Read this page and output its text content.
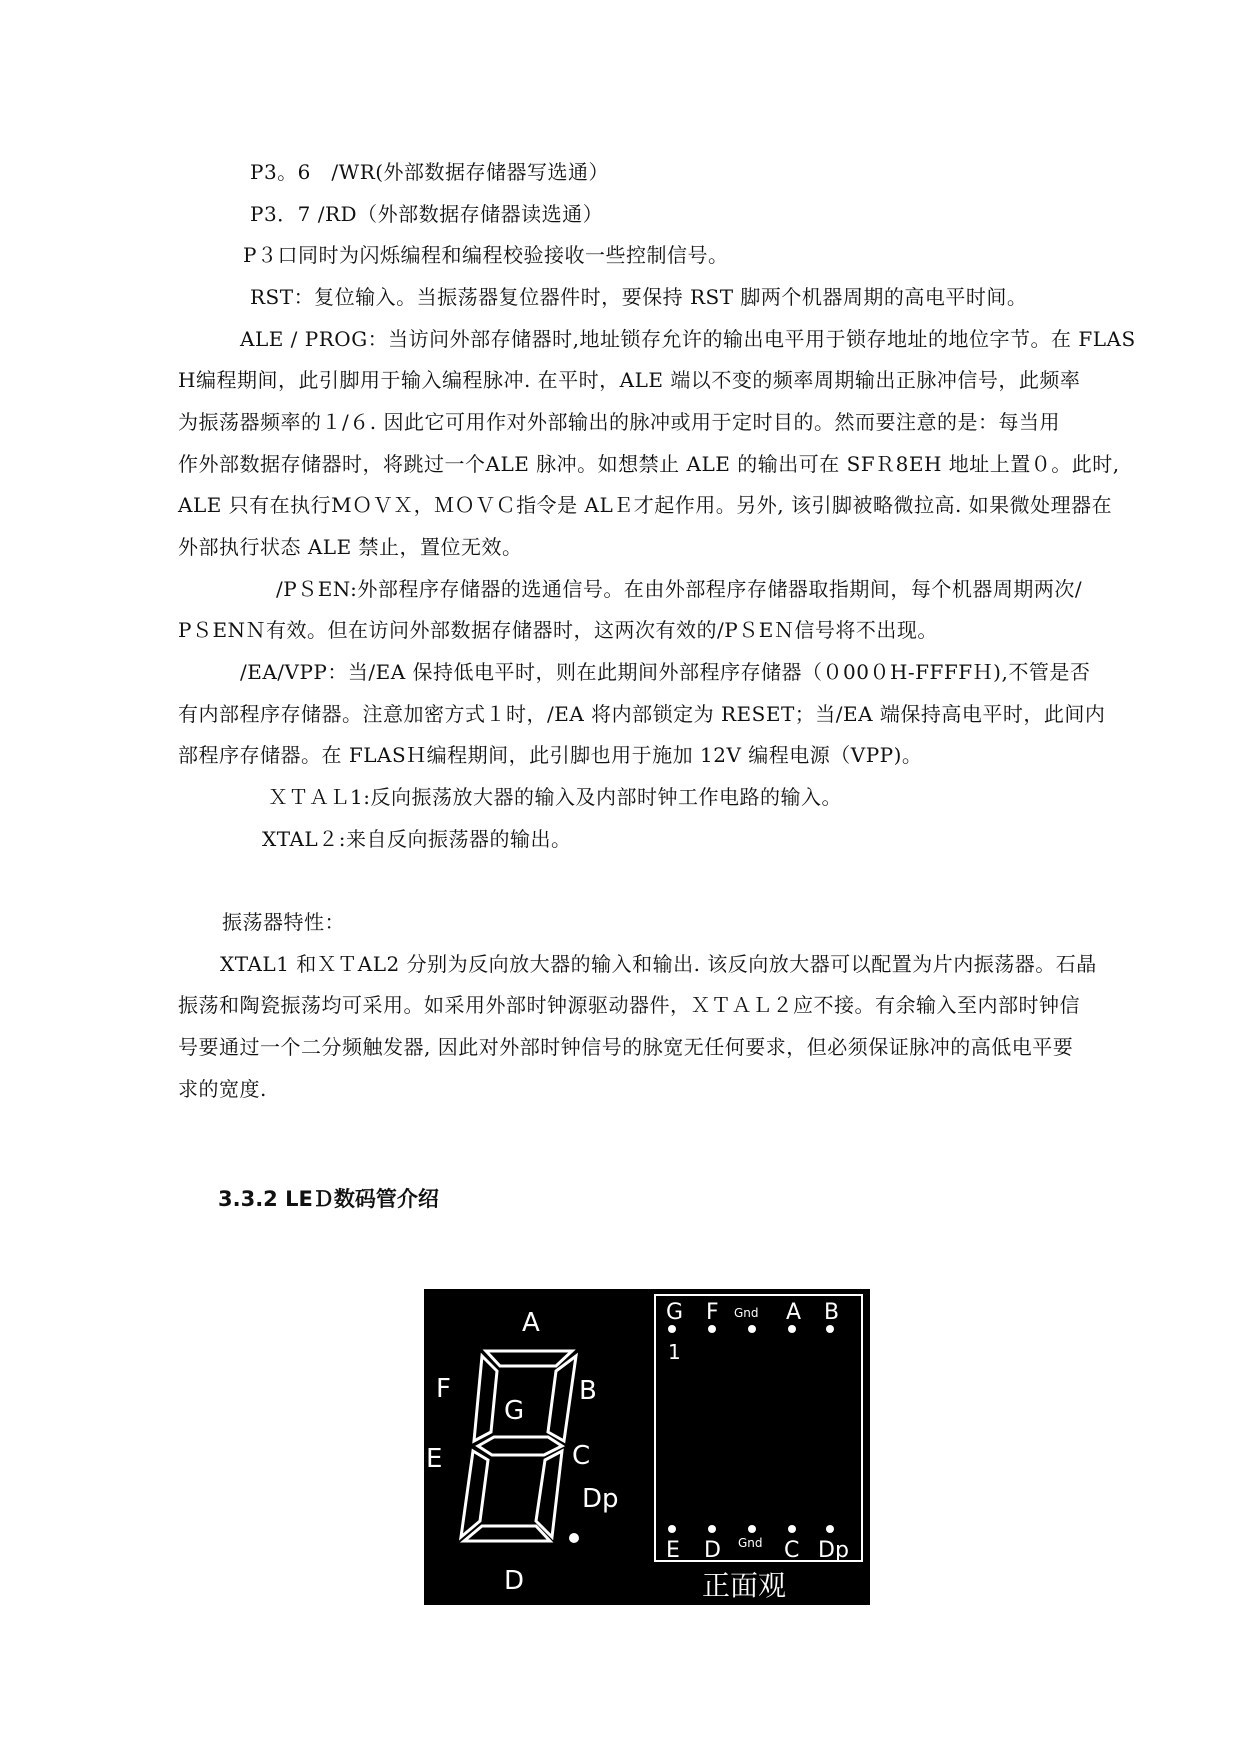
P3。6　/WR(外部数据存储器写选通）
P3．7 /RD（外部数据存储器读选通）
P３口同时为闪烁编程和编程校验接收一些控制信号。
RST：复位输入。当振荡器复位器件时，要保持 RST 脚两个机器周期的高电平时间。
ALE / PROG：当访问外部存储器时,地址锁存允许的输出电平用于锁存地址的地位字节。在 FLAS
H编程期间，此引脚用于输入编程脉冲. 在平时，ALE 端以不变的频率周期输出正脉冲信号，此频率
为振荡器频率的１/６. 因此它可用作对外部输出的脉冲或用于定时目的。然而要注意的是：每当用
作外部数据存储器时，将跳过一个ALE 脉冲。如想禁止 ALE 的输出可在 SFＲ8EH 地址上置０。此时,
ALE 只有在执行MＯＶＸ，ＭＯＶＣ指令是 ALＥ才起作用。另外, 该引脚被略微拉高. 如果微处理器在
外部执行状态 ALE 禁止，置位无效。
/PＳEN:外部程序存储器的选通信号。在由外部程序存储器取指期间，每个机器周期两次/
PＳENＮ有效。但在访问外部数据存储器时，这两次有效的/PＳEＮ信号将不出现。
/EA/VPP：当/EA 保持低电平时，则在此期间外部程序存储器（０00０H-FFFFＨ),不管是否
有内部程序存储器。注意加密方式１时，/EA 将内部锁定为 RESET；当/EA 端保持高电平时，此间内
部程序存储器。在 FLASＨ编程期间，此引脚也用于施加 12V 编程电源（VPP)。
ＸＴＡＬ1:反向振荡放大器的输入及内部时钟工作电路的输入。
XTAL２:来自反向振荡器的输出。
振荡器特性：
XTAL1 和ＸＴAL2 分别为反向放大器的输入和输出. 该反向放大器可以配置为片内振荡器。石晶
振荡和陶瓷振荡均可采用。如采用外部时钟源驱动器件，ＸＴＡＬ２应不接。有余输入至内部时钟信
号要通过一个二分频触发器, 因此对外部时钟信号的脉宽无任何要求，但必须保证脉冲的高低电平要
求的宽度.
3.3.2 LEＤ数码管介绍
A
B
C
D
E
F
G
Dp
G F Gnd A B
1
E D Gnd C Dp
正面观
